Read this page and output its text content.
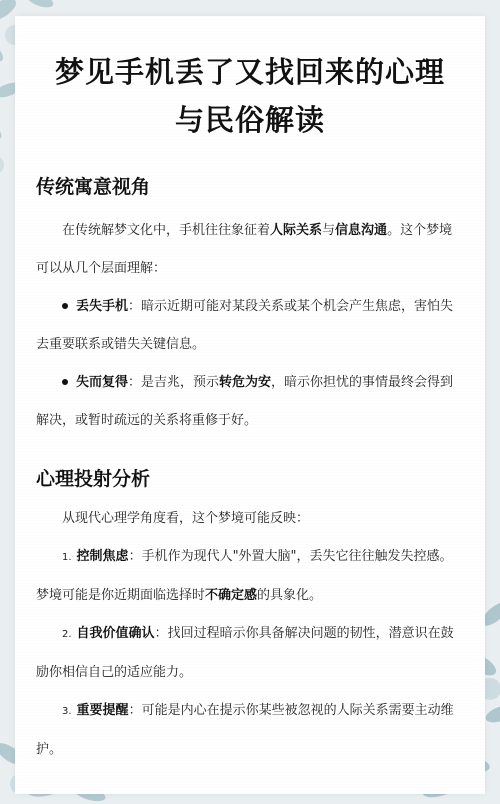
梦见手机丢了又找回来的心理
与民俗解读
传统寓意视角
在传统解梦文化中，手机往往象征着人际关系与信息沟通。这个梦境可以从几个层面理解：
丢失手机：暗示近期可能对某段关系或某个机会产生焦虑，害怕失去重要联系或错失关键信息。
失而复得：是吉兆，预示转危为安，暗示你担忧的事情最终会得到解决，或暂时疏远的关系将重修于好。
心理投射分析
从现代心理学角度看，这个梦境可能反映：
1. 控制焦虑：手机作为现代人"外置大脑"，丢失它往往触发失控感。梦境可能是你近期面临选择时不确定感的具象化。
2. 自我价值确认：找回过程暗示你具备解决问题的韧性，潜意识在鼓励你相信自己的适应能力。
3. 重要提醒：可能是内心在提示你某些被忽视的人际关系需要主动维护。
